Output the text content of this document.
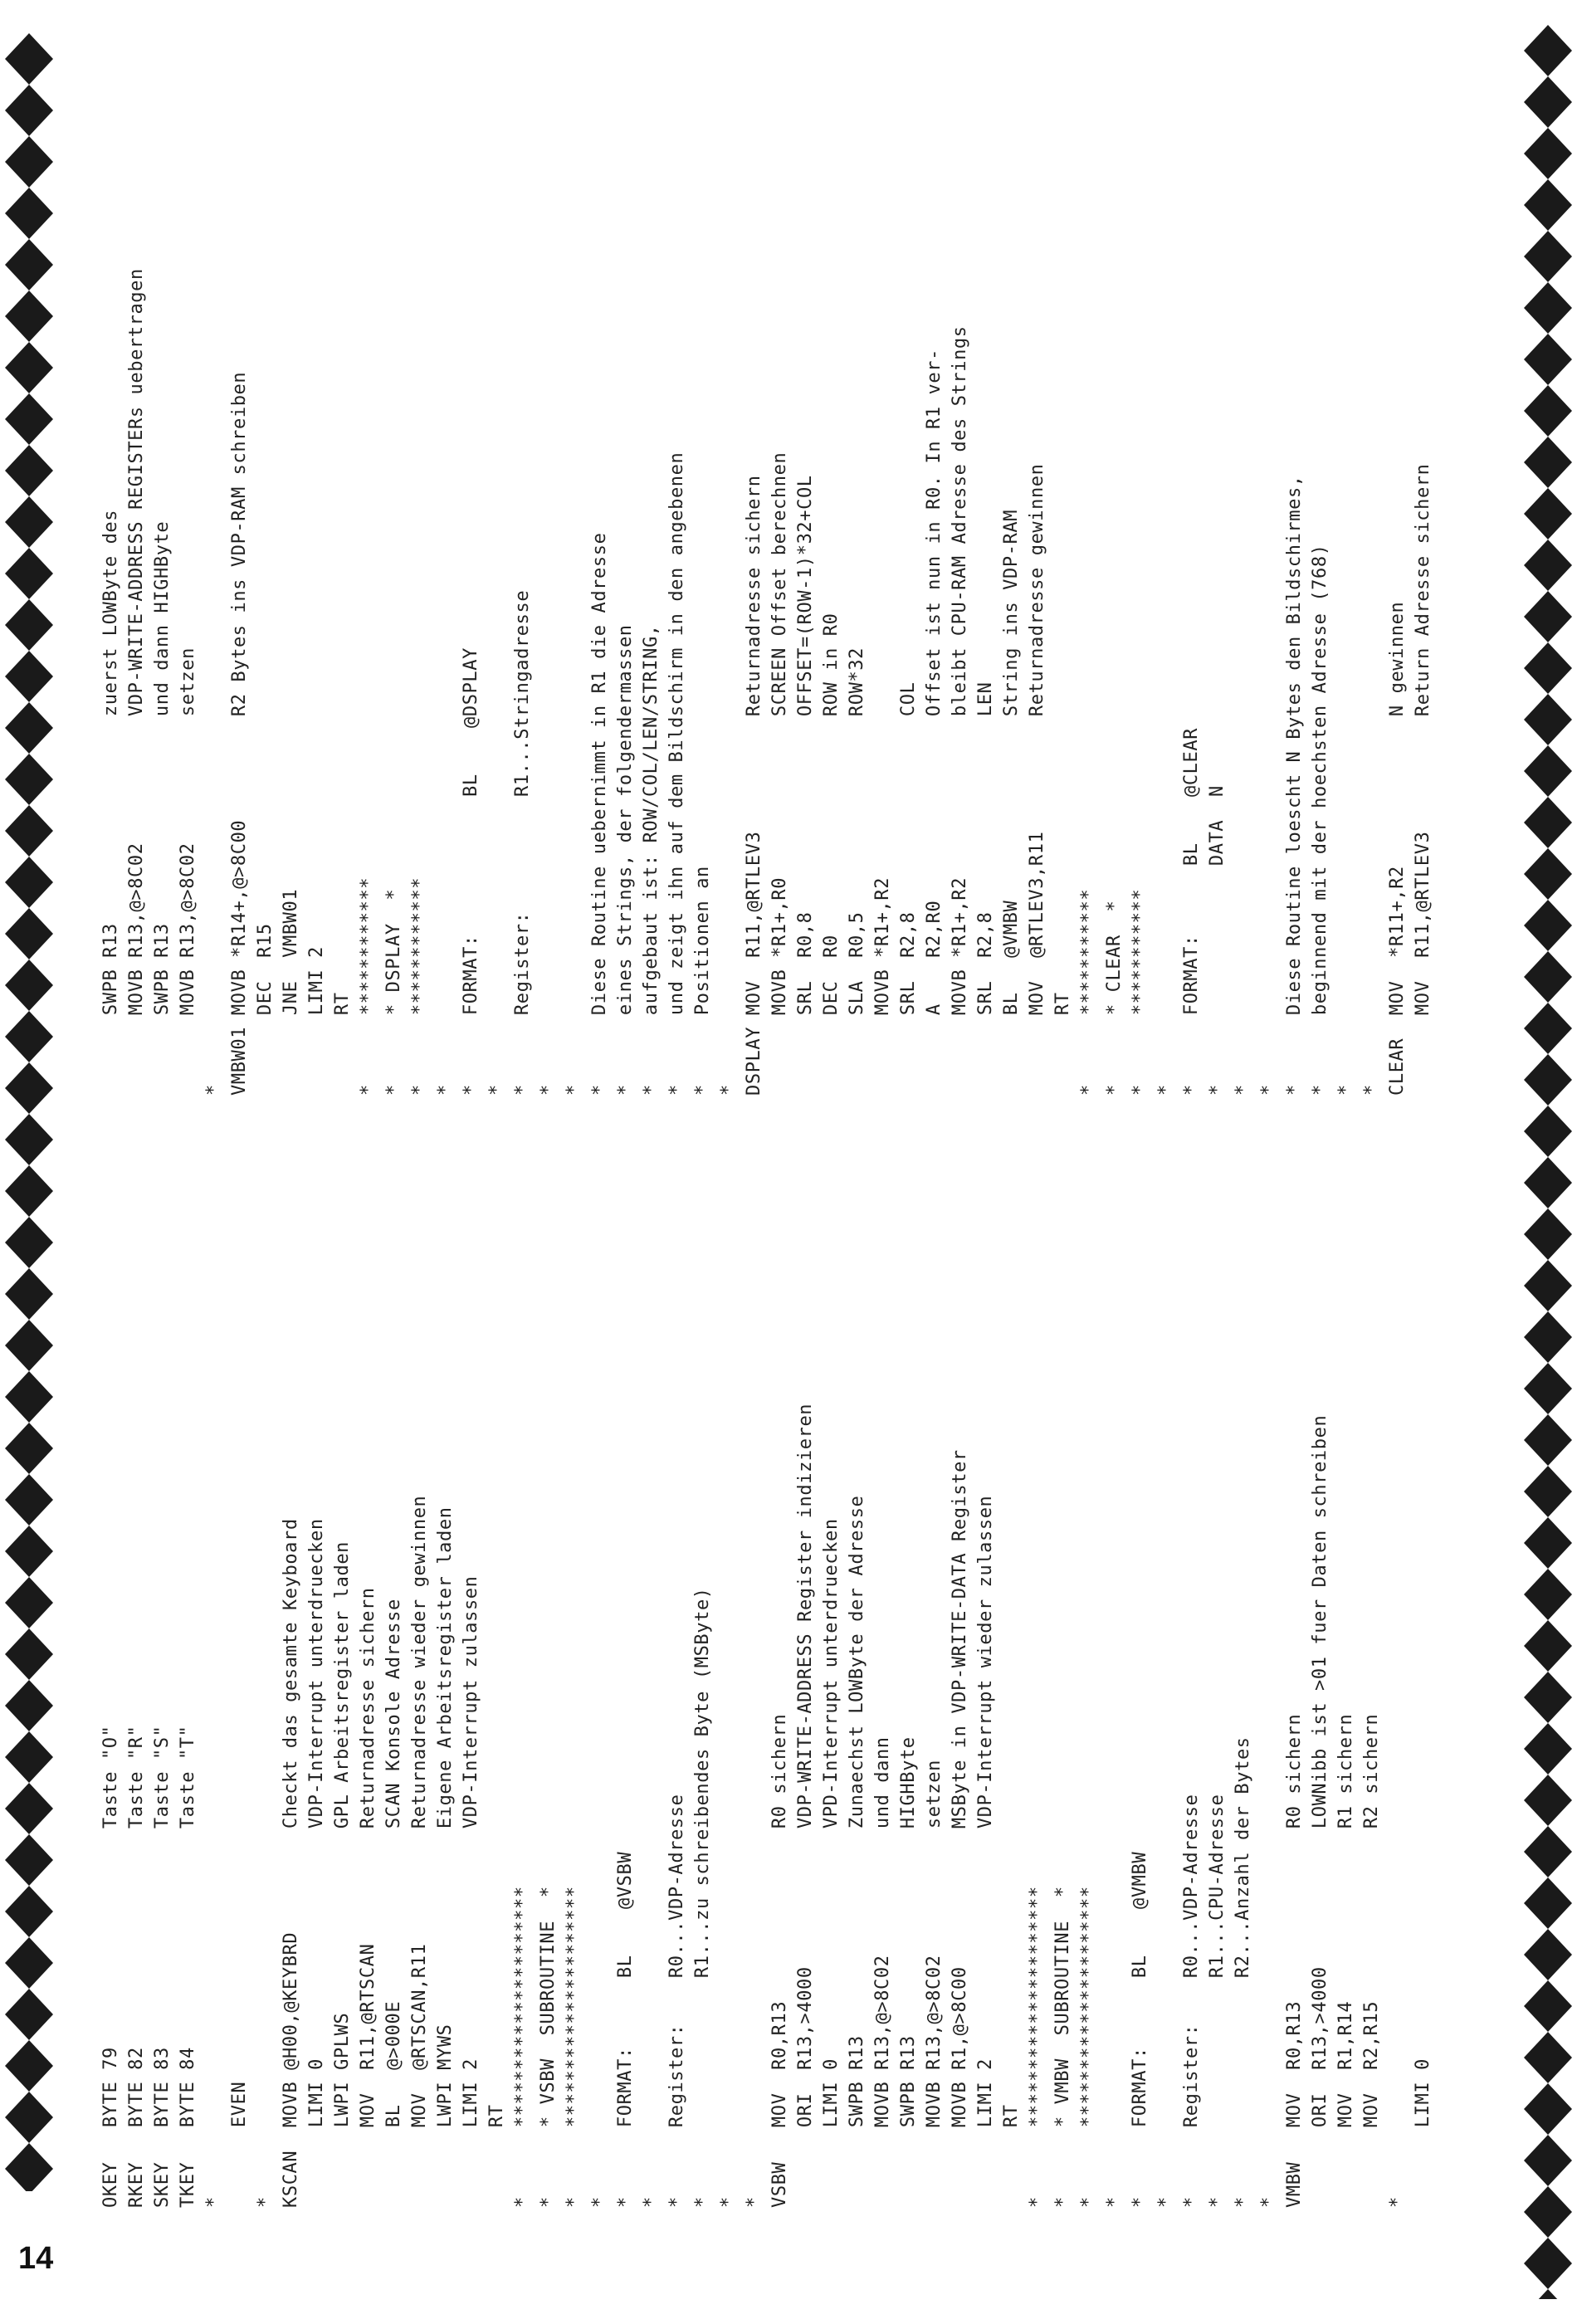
14
OKEY   BYTE 79                   Taste "O" RKEY   BYTE 82                   Taste "R" SKEY   BYTE 83                   Taste "S" TKEY   BYTE 84                   Taste "T" * EVEN * KSCAN  MOVB @H00,@KEYBRD         Checkt das gesamte Keyboard LIMI 0                    VDP-Interrupt unterdruecken LWPI GPLWS                GPL Arbeitsregister laden MOV  R11,@RTSCAN          Returnadresse sichern BL   @>000E               SCAN Konsole Adresse MOV  @RTSCAN,R11          Returnadresse wieder gewinnen LWPI MYWS                 Eigene Arbeitsregister laden LIMI 2                    VDP-Interrupt zulassen RT *      ********************* *      * VSBW  SUBROUTINE  * *      ********************* * *      FORMAT:      BL    @VSBW * *      Register:    R0...VDP-Adresse *                   R1...zu schreibendes Byte (MSByte) * * VSBW   MOV  R0,R13               R0 sichern ORI  R13,>4000            VDP-WRITE-ADDRESS Register indizieren LIMI 0                    VPD-Interrupt unterdruecken SWPB R13                  Zunaechst LOWByte der Adresse MOVB R13,@>8C02           und dann SWPB R13                  HIGHByte MOVB R13,@>8C02           setzen MOVB R1,@>8C00            MSByte in VDP-WRITE-DATA Register LIMI 2                    VDP-Interrupt wieder zulassen RT *      ********************* *      * VMBW  SUBROUTINE  * *      ********************* * *      FORMAT:      BL    @VMBW * *      Register:    R0...VDP-Adresse *                   R1...CPU-Adresse *                   R2...Anzahl der Bytes * VMBW   MOV  R0,R13               R0 sichern ORI  R13,>4000            LOWNibb ist >01 fuer Daten schreiben MOV  R1,R14               R1 sichern MOV  R2,R15               R2 sichern * LIMI 0
SWPB R13                  zuerst LOWByte des MOVB R13,@>8C02           VDP-WRITE-ADDRESS REGISTERs uebertragen SWPB R13                  und dann HIGHByte MOVB R13,@>8C02           setzen * VMBW01 MOVB *R14+,@>8C00         R2 Bytes ins VDP-RAM schreiben DEC  R15 JNE  VMBW01 LIMI 2 RT *      ************ *      * DSPLAY  * *      ************ * *      FORMAT:            BL    @DSPLAY * *      Register:          R1...Stringadresse * * *      Diese Routine uebernimmt in R1 die Adresse *      eines Strings, der folgendermassen *      aufgebaut ist: ROW/COL/LEN/STRING, *      und zeigt ihn auf dem Bildschirm in den angebenen *      Positionen an * DSPLAY MOV  R11,@RTLEV3          Returnadresse sichern MOVB *R1+,R0              SCREEN Offset berechnen SRL  R0,8                 OFFSET=(ROW-1)*32+COL DEC  R0                   ROW in R0 SLA  R0,5                 ROW*32 MOVB *R1+,R2 SRL  R2,8                 COL A    R2,R0                Offset ist nun in R0. In R1 ver- MOVB *R1+,R2              bleibt CPU-RAM Adresse des Strings SRL  R2,8                 LEN BL   @VMBW                String ins VDP-RAM MOV  @RTLEV3,R11          Returnadresse gewinnen RT *      *********** *      * CLEAR  * *      *********** * *      FORMAT:      BL    @CLEAR *                   DATA  N * * *      Diese Routine loescht N Bytes den Bildschirmes, *      beginnend mit der hoechsten Adresse (768) * * CLEAR  MOV  *R11+,R2             N gewinnen MOV  R11,@RTLEV3          Return Adresse sichern
